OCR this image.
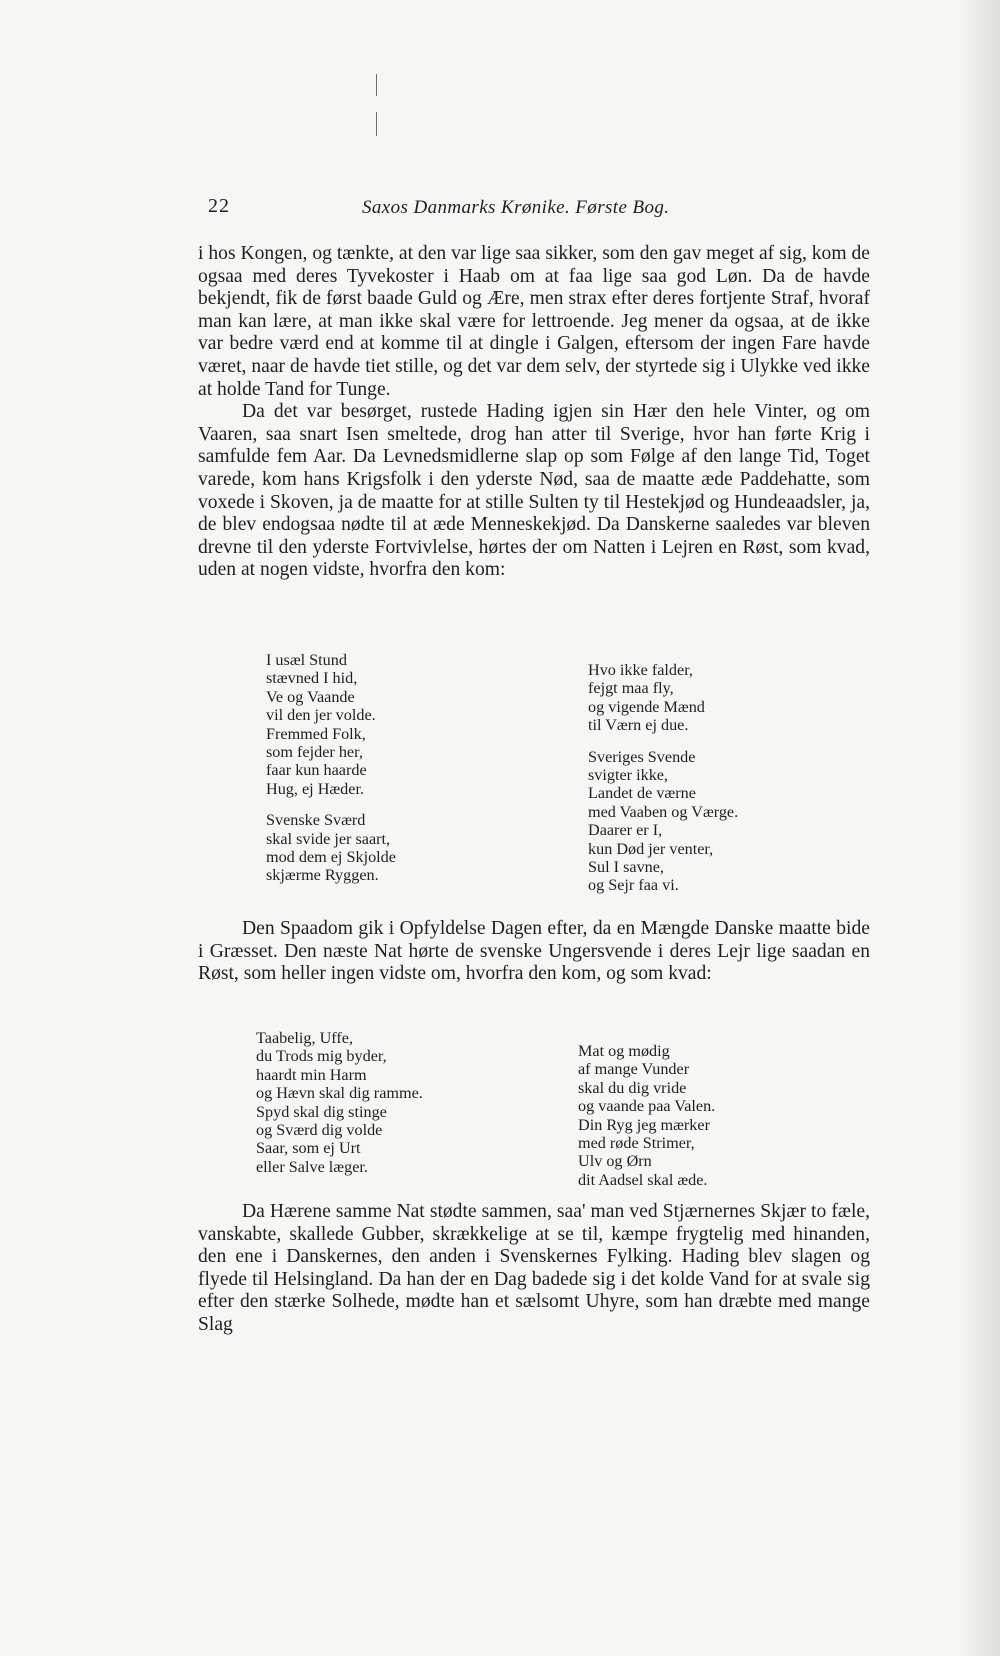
22	Saxos Danmarks Krønike. Første Bog.

i hos Kongen, og tænkte, at den var lige saa sikker, som den gav meget af sig, kom de ogsaa med deres Tyvekoster i Haab om at faa lige saa god Løn. Da de havde bekjendt, fik de først baade Guld og Ære, men strax efter deres fortjente Straf, hvoraf man kan lære, at man ikke skal være for lettroende. Jeg mener da ogsaa, at de ikke var bedre værd end at komme til at dingle i Galgen, eftersom der ingen Fare havde været, naar de havde tiet stille, og det var dem selv, der styrtede sig i Ulykke ved ikke at holde Tand for Tunge.

Da det var besørget, rustede Hading igjen sin Hær den hele Vinter, og om Vaaren, saa snart Isen smeltede, drog han atter til Sverige, hvor han førte Krig i samfulde fem Aar. Da Levnedsmidlerne slap op som Følge af den lange Tid, Toget varede, kom hans Krigsfolk i den yderste Nød, saa de maatte æde Paddehatte, som voxede i Skoven, ja de maatte for at stille Sulten ty til Hestekjød og Hundeaadsler, ja, de blev endogsaa nødte til at æde Menneskekjød. Da Danskerne saaledes var bleven drevne til den yderste Fortvivlelse, hørtes der om Natten i Lejren en Røst, som kvad, uden at nogen vidste, hvorfra den kom:

I usæl Stund
stævned I hid,
Ve og Vaande
vil den jer volde.
Fremmed Folk,
som fejder her,
faar kun haarde
Hug, ej Hæder.
Svenske Sværd
skal svide jer saart,
mod dem ej Skjolde
skjærme Ryggen.
Hvo ikke falder,
fejgt maa fly,
og vigende Mænd
til Værn ej due.
Sveriges Svende
svigter ikke,
Landet de værne
med Vaaben og Værge.
Daarer er I,
kun Død jer venter,
Sul I savne,
og Sejr faa vi.

Den Spaadom gik i Opfyldelse Dagen efter, da en Mængde Danske maatte bide i Græsset. Den næste Nat hørte de svenske Ungersvende i deres Lejr lige saadan en Røst, som heller ingen vidste om, hvorfra den kom, og som kvad:

Taabelig, Uffe,
du Trods mig byder,
haardt min Harm
og Hævn skal dig ramme.
Spyd skal dig stinge
og Sværd dig volde
Saar, som ej Urt
eller Salve læger.
Mat og mødig
af mange Vunder
skal du dig vride
og vaande paa Valen.
Din Ryg jeg mærker
med røde Strimer,
Ulv og Ørn
dit Aadsel skal æde.

Da Hærene samme Nat stødte sammen, saa' man ved Stjærnernes Skjær to fæle, vanskabte, skallede Gubber, skrækkelige at se til, kæmpe frygtelig med hinanden, den ene i Danskernes, den anden i Svenskernes Fylking. Hading blev slagen og flyede til Helsingland. Da han der en Dag badede sig i det kolde Vand for at svale sig efter den stærke Solhede, mødte han et sælsomt Uhyre, som han dræbte med mange Slag
